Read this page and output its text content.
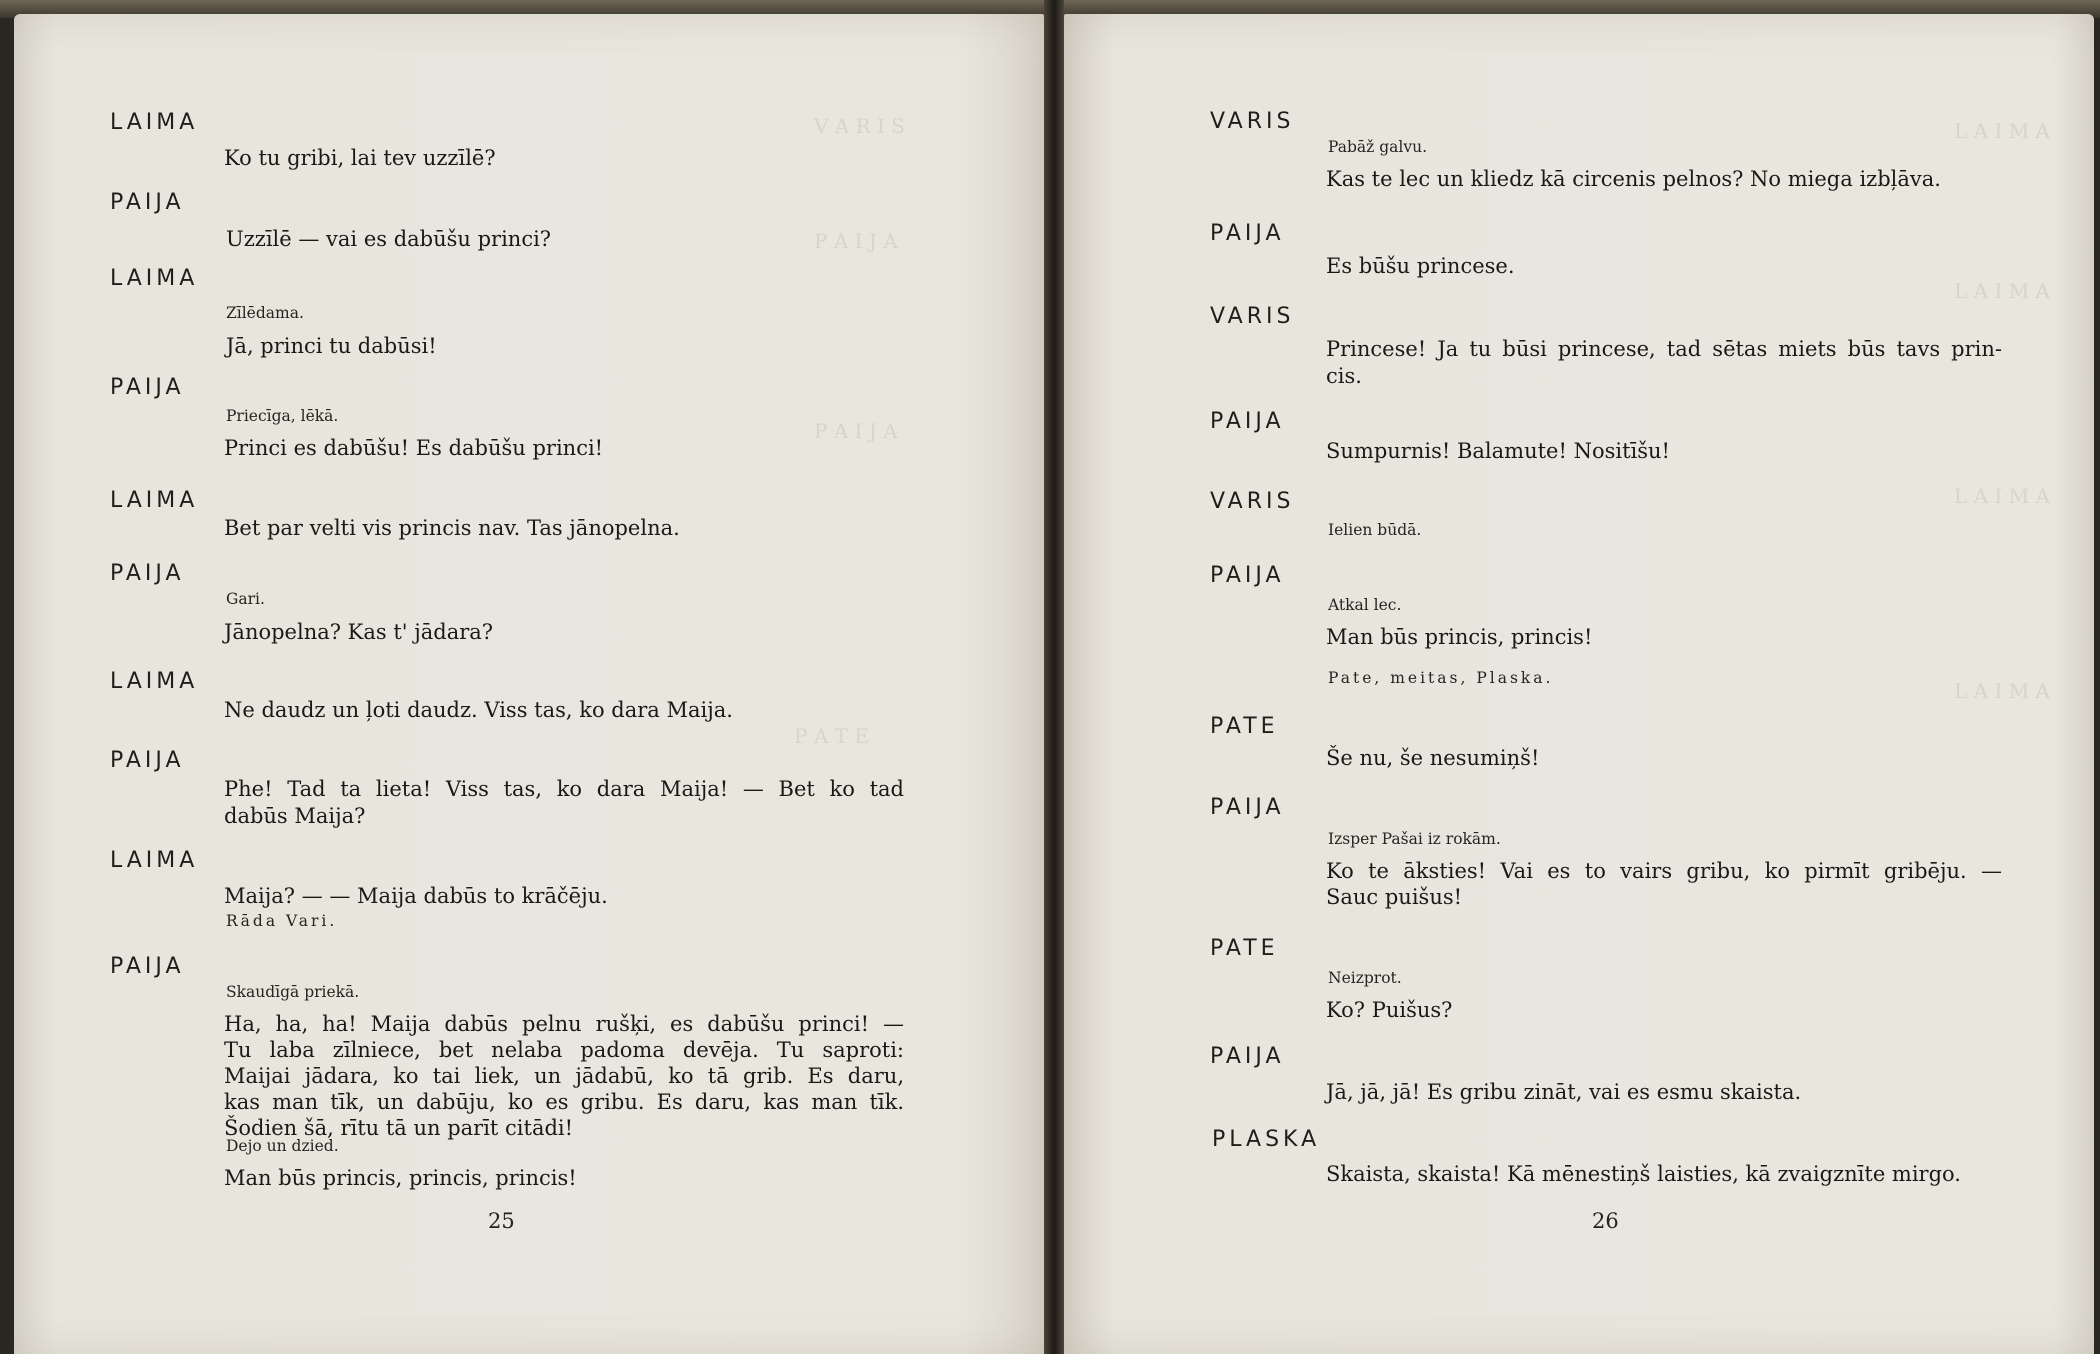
V A R I S
P A I J A
P A I J A
P A T E

LAIMA

Ko tu gribi, lai tev uzzīlē?

PAIJA

Uzzīlē — vai es dabūšu princi?

LAIMA

Zīlēdama.

Jā, princi tu dabūsi!

PAIJA

Priecīga, lēkā.

Princi es dabūšu! Es dabūšu princi!

LAIMA

Bet par velti vis princis nav. Tas jānopelna.

PAIJA

Gari.

Jānopelna? Kas t' jādara?

LAIMA

Ne daudz un ļoti daudz. Viss tas, ko dara Maija.

PAIJA

Phe! Tad ta lieta! Viss tas, ko dara Maija! — Bet ko tad

dabūs Maija?

LAIMA

Maija? — — Maija dabūs to krāčēju.

Rāda Vari.

PAIJA

Skaudīgā priekā.

Ha, ha, ha! Maija dabūs pelnu rušķi, es dabūšu princi! —

Tu laba zīlniece, bet nelaba padoma devēja. Tu saproti:

Maijai jādara, ko tai liek, un jādabū, ko tā grib. Es daru,

kas man tīk, un dabūju, ko es gribu. Es daru, kas man tīk.

Šodien šā, rītu tā un parīt citādi!

Dejo un dzied.

Man būs princis, princis, princis!

25

L A I M A
L A I M A
L A I M A
L A I M A

VARIS

Pabāž galvu.

Kas te lec un kliedz kā circenis pelnos? No miega izbļāva.

PAIJA

Es būšu princese.

VARIS

Princese! Ja tu būsi princese, tad sētas miets būs tavs prin-

cis.

PAIJA

Sumpurnis! Balamute! Nositīšu!

VARIS

Ielien būdā.

PAIJA

Atkal lec.

Man būs princis, princis!

Pate, meitas, Plaska.

PATE

Še nu, še nesumiņš!

PAIJA

Izsper Pašai iz rokām.

Ko te āksties! Vai es to vairs gribu, ko pirmīt gribēju. —

Sauc puišus!

PATE

Neizprot.

Ko? Puišus?

PAIJA

Jā, jā, jā! Es gribu zināt, vai es esmu skaista.

PLASKA

Skaista, skaista! Kā mēnestiņš laisties, kā zvaigznīte mirgo.

26
